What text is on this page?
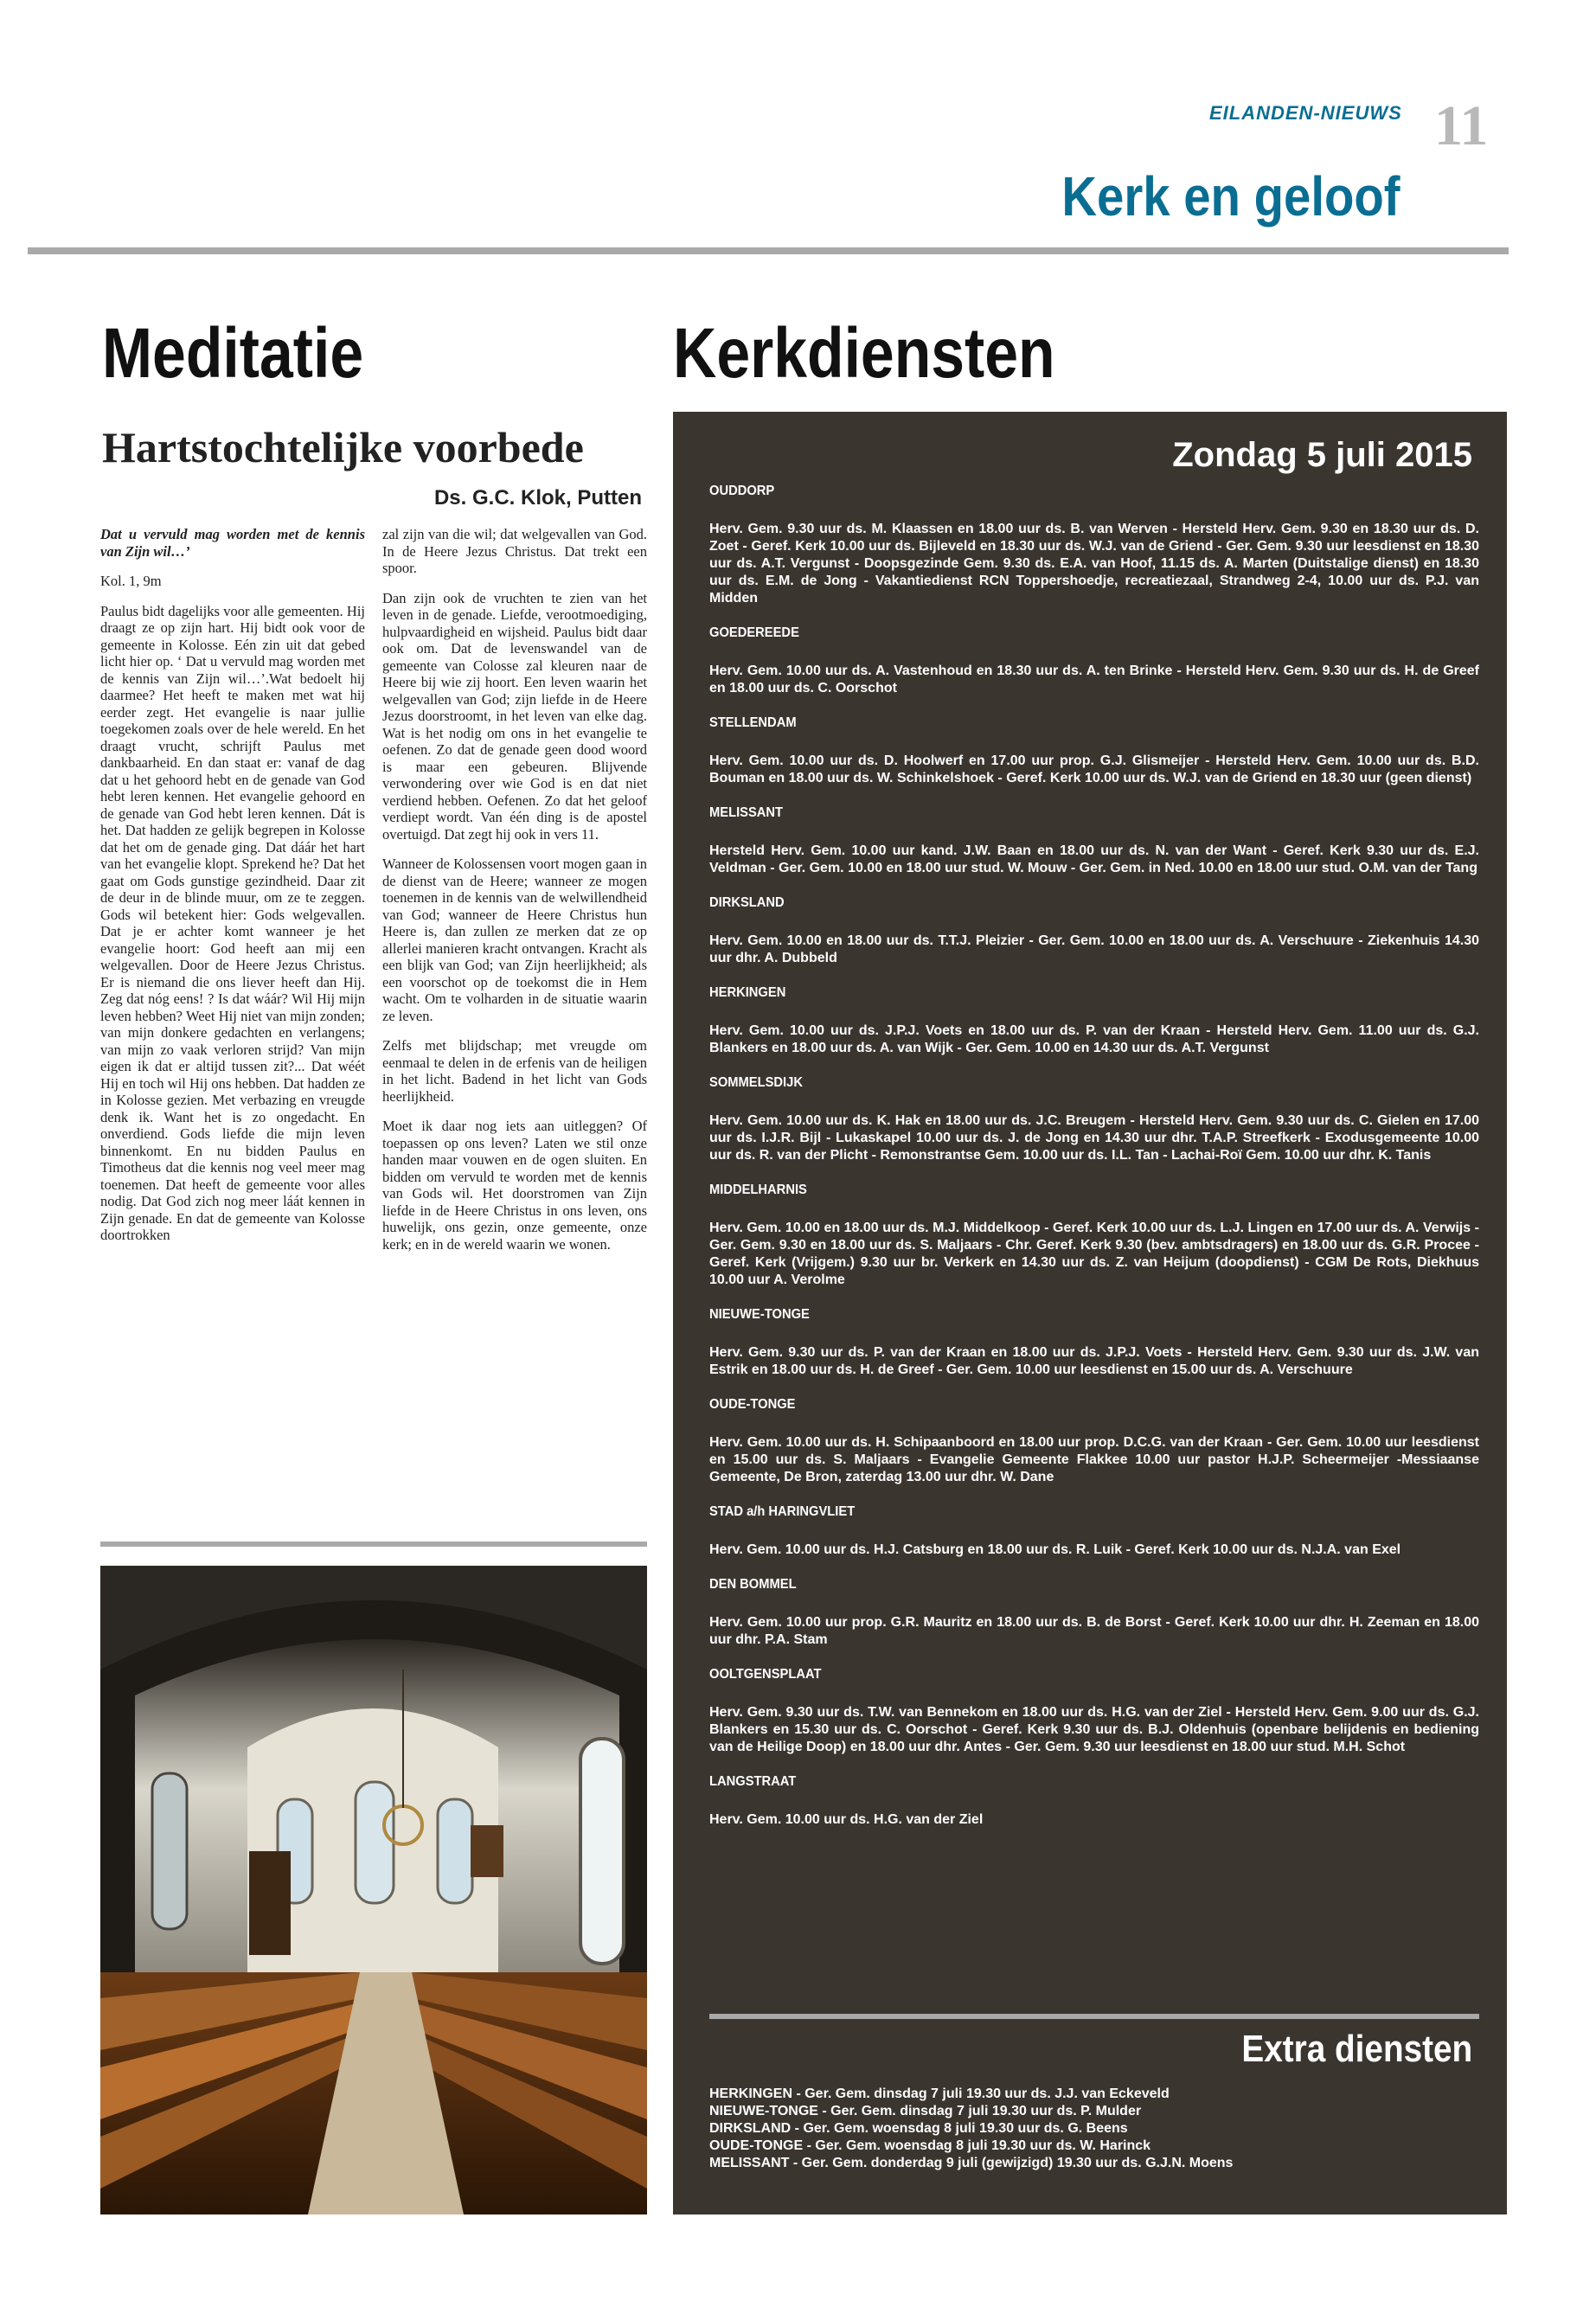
EILANDEN-NIEUWS 11
Kerk en geloof
Meditatie	Kerkdiensten
Hartstochtelijke voorbede
Ds. G.C. Klok, Putten

Dat u vervuld mag worden met de kennis van Zijn wil…’

Kol. 1, 9m

Paulus bidt dagelijks voor alle gemeenten. Hij draagt ze op zijn hart. Hij bidt ook voor de gemeente in Kolosse. Eén zin uit dat gebed licht hier op. ‘ Dat u vervuld mag worden met de kennis van Zijn wil…’.Wat bedoelt hij daarmee? Het heeft te maken met wat hij eerder zegt. Het evangelie is naar jullie toegekomen zoals over de hele wereld. En het draagt vrucht, schrijft Paulus met dankbaarheid. En dan staat er: vanaf de dag dat u het gehoord hebt en de genade van God hebt leren kennen. Het evangelie gehoord en de genade van God hebt leren kennen. Dát is het. Dat hadden ze gelijk begrepen in Kolosse dat het om de genade ging. Dat dáár het hart van het evangelie klopt. Sprekend he? Dat het gaat om Gods gunstige gezindheid. Daar zit de deur in de blinde muur, om ze te zeggen. Gods wil betekent hier: Gods welgevallen. Dat je er achter komt wanneer je het evangelie hoort: God heeft aan mij een welgevallen. Door de Heere Jezus Christus. Er is niemand die ons liever heeft dan Hij. Zeg dat nóg eens! ? Is dat wáár? Wil Hij mijn leven hebben? Weet Hij niet van mijn zonden; van mijn donkere gedachten en verlangens; van mijn zo vaak verloren strijd? Van mijn eigen ik dat er altijd tussen zit?... Dat wéét Hij en toch wil Hij ons hebben. Dat hadden ze in Kolosse gezien. Met verbazing en vreugde denk ik. Want het is zo ongedacht. En onverdiend. Gods liefde die mijn leven binnenkomt. En nu bidden Paulus en Timotheus dat die kennis nog veel meer mag toenemen. Dat heeft de gemeente voor alles nodig. Dat God zich nog meer láát kennen in Zijn genade. En dat de gemeente van Kolosse doortrokken

zal zijn van die wil; dat welgevallen van God. In de Heere Jezus Christus. Dat trekt een spoor.

Dan zijn ook de vruchten te zien van het leven in de genade. Liefde, verootmoediging, hulpvaardigheid en wijsheid. Paulus bidt daar ook om. Dat de levenswandel van de gemeente van Colosse zal kleuren naar de Heere bij wie zij hoort. Een leven waarin het welgevallen van God; zijn liefde in de Heere Jezus doorstroomt, in het leven van elke dag. Wat is het nodig om ons in het evangelie te oefenen. Zo dat de genade geen dood woord is maar een gebeuren. Blijvende verwondering over wie God is en dat niet verdiend hebben. Oefenen. Zo dat het geloof verdiept wordt. Van één ding is de apostel overtuigd. Dat zegt hij ook in vers 11.

Wanneer de Kolossensen voort mogen gaan in de dienst van de Heere; wanneer ze mogen toenemen in de kennis van de welwillendheid van God; wanneer de Heere Christus hun Heere is, dan zullen ze merken dat ze op allerlei manieren kracht ontvangen. Kracht als een blijk van God; van Zijn heerlijkheid; als een voorschot op de toekomst die in Hem wacht. Om te volharden in de situatie waarin ze leven.

Zelfs met blijdschap; met vreugde om eenmaal te delen in de erfenis van de heiligen in het licht. Badend in het licht van Gods heerlijkheid.

Moet ik daar nog iets aan uitleggen? Of toepassen op ons leven? Laten we stil onze handen maar vouwen en de ogen sluiten. En bidden om vervuld te worden met de kennis van Gods wil. Het doorstromen van Zijn liefde in de Heere Christus in ons leven, ons huwelijk, ons gezin, onze gemeente, onze kerk; en in de wereld waarin we wonen.

Zondag 5 juli 2015
OUDDORP
Herv. Gem. 9.30 uur ds. M. Klaassen en 18.00 uur ds. B. van Werven - Hersteld Herv. Gem. 9.30 en 18.30 uur ds. D. Zoet - Geref. Kerk 10.00 uur ds. Bijleveld en 18.30 uur ds. W.J. van de Griend - Ger. Gem. 9.30 uur leesdienst en 18.30 uur ds. A.T. Vergunst - Doopsgezinde Gem. 9.30 ds. E.A. van Hoof, 11.15 ds. A. Marten (Duitstalige dienst) en 18.30 uur ds. E.M. de Jong - Vakantiedienst RCN Toppershoedje, recreatiezaal, Strandweg 2-4, 10.00 uur ds. P.J. van Midden
GOEDEREEDE
Herv. Gem. 10.00 uur ds. A. Vastenhoud en 18.30 uur ds. A. ten Brinke - Hersteld Herv. Gem. 9.30 uur ds. H. de Greef en 18.00 uur ds. C. Oorschot
STELLENDAM
Herv. Gem. 10.00 uur ds. D. Hoolwerf en 17.00 uur prop. G.J. Glismeijer - Hersteld Herv. Gem. 10.00 uur ds. B.D. Bouman en 18.00 uur ds. W. Schinkelshoek - Geref. Kerk 10.00 uur ds. W.J. van de Griend en 18.30 uur (geen dienst)
MELISSANT
Hersteld Herv. Gem. 10.00 uur kand. J.W. Baan en 18.00 uur ds. N. van der Want - Geref. Kerk 9.30 uur ds. E.J. Veldman - Ger. Gem. 10.00 en 18.00 uur stud. W. Mouw - Ger. Gem. in Ned. 10.00 en 18.00 uur stud. O.M. van der Tang
DIRKSLAND
Herv. Gem. 10.00 en 18.00 uur ds. T.T.J. Pleizier - Ger. Gem. 10.00 en 18.00 uur ds. A. Verschuure - Ziekenhuis 14.30 uur dhr. A. Dubbeld
HERKINGEN
Herv. Gem. 10.00 uur ds. J.P.J. Voets en 18.00 uur ds. P. van der Kraan - Hersteld Herv. Gem. 11.00 uur ds. G.J. Blankers en 18.00 uur ds. A. van Wijk - Ger. Gem. 10.00 en 14.30 uur ds. A.T. Vergunst
SOMMELSDIJK
Herv. Gem. 10.00 uur ds. K. Hak en 18.00 uur ds. J.C. Breugem - Hersteld Herv. Gem. 9.30 uur ds. C. Gielen en 17.00 uur ds. I.J.R. Bijl - Lukaskapel 10.00 uur ds. J. de Jong en 14.30 uur dhr. T.A.P. Streefkerk - Exodusgemeente 10.00 uur ds. R. van der Plicht - Remonstrantse Gem. 10.00 uur ds. I.L. Tan - Lachai-Roï Gem. 10.00 uur dhr. K. Tanis
MIDDELHARNIS
Herv. Gem. 10.00 en 18.00 uur ds. M.J. Middelkoop - Geref. Kerk 10.00 uur ds. L.J. Lingen en 17.00 uur ds. A. Verwijs - Ger. Gem. 9.30 en 18.00 uur ds. S. Maljaars - Chr. Geref. Kerk 9.30 (bev. ambtsdragers) en 18.00 uur ds. G.R. Procee - Geref. Kerk (Vrijgem.) 9.30 uur br. Verkerk en 14.30 uur ds. Z. van Heijum (doopdienst) - CGM De Rots, Diekhuus 10.00 uur A. Verolme
NIEUWE-TONGE
Herv. Gem. 9.30 uur ds. P. van der Kraan en 18.00 uur ds. J.P.J. Voets - Hersteld Herv. Gem. 9.30 uur ds. J.W. van Estrik en 18.00 uur ds. H. de Greef - Ger. Gem. 10.00 uur leesdienst en 15.00 uur ds. A. Verschuure
OUDE-TONGE
Herv. Gem. 10.00 uur ds. H. Schipaanboord en 18.00 uur prop. D.C.G. van der Kraan - Ger. Gem. 10.00 uur leesdienst en 15.00 uur ds. S. Maljaars - Evangelie Gemeente Flakkee 10.00 uur pastor H.J.P. Scheermeijer -Messiaanse Gemeente, De Bron, zaterdag 13.00 uur dhr. W. Dane
STAD a/h HARINGVLIET
Herv. Gem. 10.00 uur ds. H.J. Catsburg en 18.00 uur ds. R. Luik - Geref. Kerk 10.00 uur ds. N.J.A. van Exel
DEN BOMMEL
Herv. Gem. 10.00 uur prop. G.R. Mauritz en 18.00 uur ds. B. de Borst - Geref. Kerk 10.00 uur dhr. H. Zeeman en 18.00 uur dhr. P.A. Stam
OOLTGENSPLAAT
Herv. Gem. 9.30 uur ds. T.W. van Bennekom en 18.00 uur ds. H.G. van der Ziel - Hersteld Herv. Gem. 9.00 uur ds. G.J. Blankers en 15.30 uur ds. C. Oorschot - Geref. Kerk 9.30 uur ds. B.J. Oldenhuis (openbare belijdenis en bediening van de Heilige Doop) en 18.00 uur dhr. Antes - Ger. Gem. 9.30 uur leesdienst en 18.00 uur stud. M.H. Schot
LANGSTRAAT
Herv. Gem. 10.00 uur ds. H.G. van der Ziel
Extra diensten
HERKINGEN - Ger. Gem. dinsdag 7 juli 19.30 uur ds. J.J. van Eckeveld
NIEUWE-TONGE - Ger. Gem. dinsdag 7 juli 19.30 uur ds. P. Mulder
DIRKSLAND - Ger. Gem. woensdag 8 juli 19.30 uur ds. G. Beens
OUDE-TONGE - Ger. Gem. woensdag 8 juli 19.30 uur ds. W. Harinck
MELISSANT - Ger. Gem. donderdag 9 juli (gewijzigd) 19.30 uur ds. G.J.N. Moens
